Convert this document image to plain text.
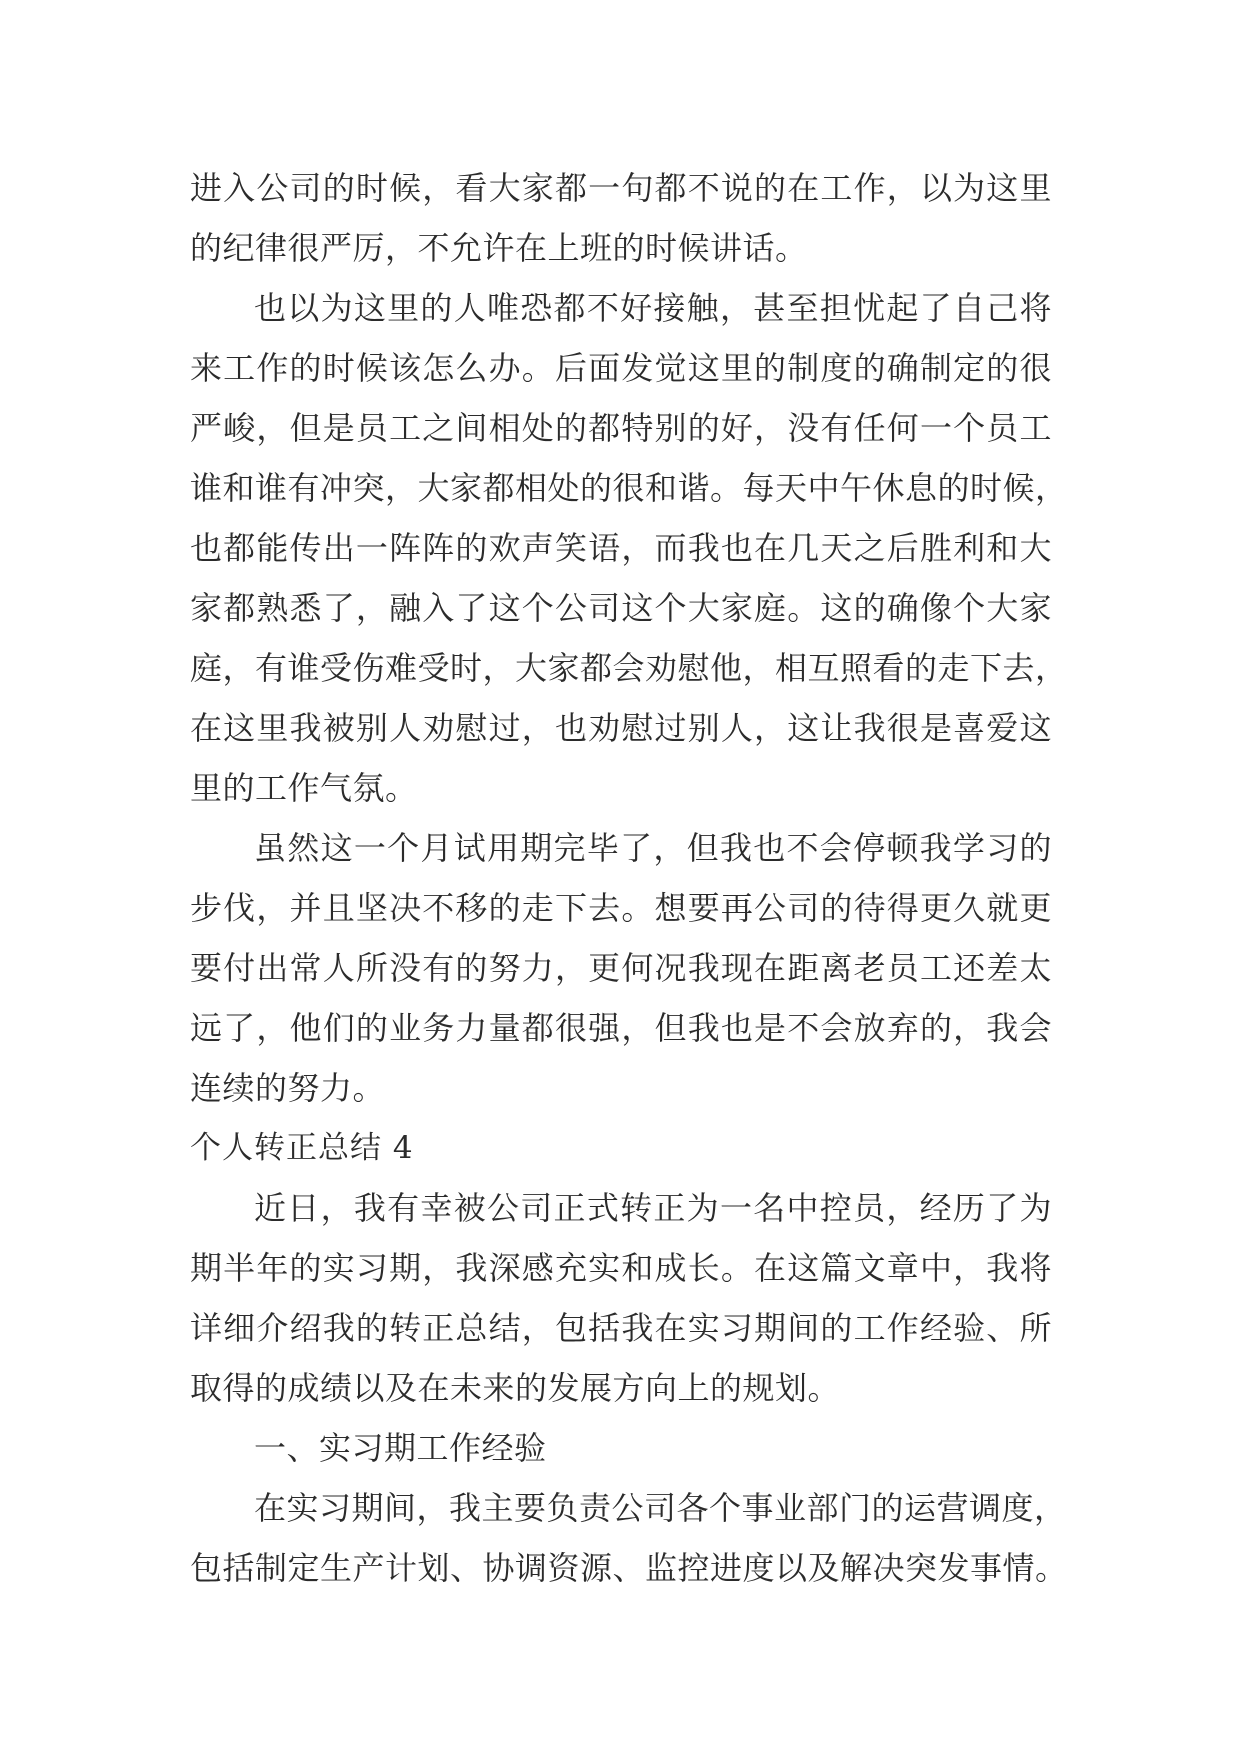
进入公司的时候，看大家都一句都不说的在工作，以为这里
的纪律很严厉，不允许在上班的时候讲话。
也以为这里的人唯恐都不好接触，甚至担忧起了自己将
来工作的时候该怎么办。后面发觉这里的制度的确制定的很
严峻，但是员工之间相处的都特别的好，没有任何一个员工
谁和谁有冲突，大家都相处的很和谐。每天中午休息的时候，
也都能传出一阵阵的欢声笑语，而我也在几天之后胜利和大
家都熟悉了，融入了这个公司这个大家庭。这的确像个大家
庭，有谁受伤难受时，大家都会劝慰他，相互照看的走下去，
在这里我被别人劝慰过，也劝慰过别人，这让我很是喜爱这
里的工作气氛。
虽然这一个月试用期完毕了，但我也不会停顿我学习的
步伐，并且坚决不移的走下去。想要再公司的待得更久就更
要付出常人所没有的努力，更何况我现在距离老员工还差太
远了，他们的业务力量都很强，但我也是不会放弃的，我会
连续的努力。
个人转正总结 4
近日，我有幸被公司正式转正为一名中控员，经历了为
期半年的实习期，我深感充实和成长。在这篇文章中，我将
详细介绍我的转正总结，包括我在实习期间的工作经验、所
取得的成绩以及在未来的发展方向上的规划。
一、实习期工作经验
在实习期间，我主要负责公司各个事业部门的运营调度，
包括制定生产计划、协调资源、监控进度以及解决突发事情。
